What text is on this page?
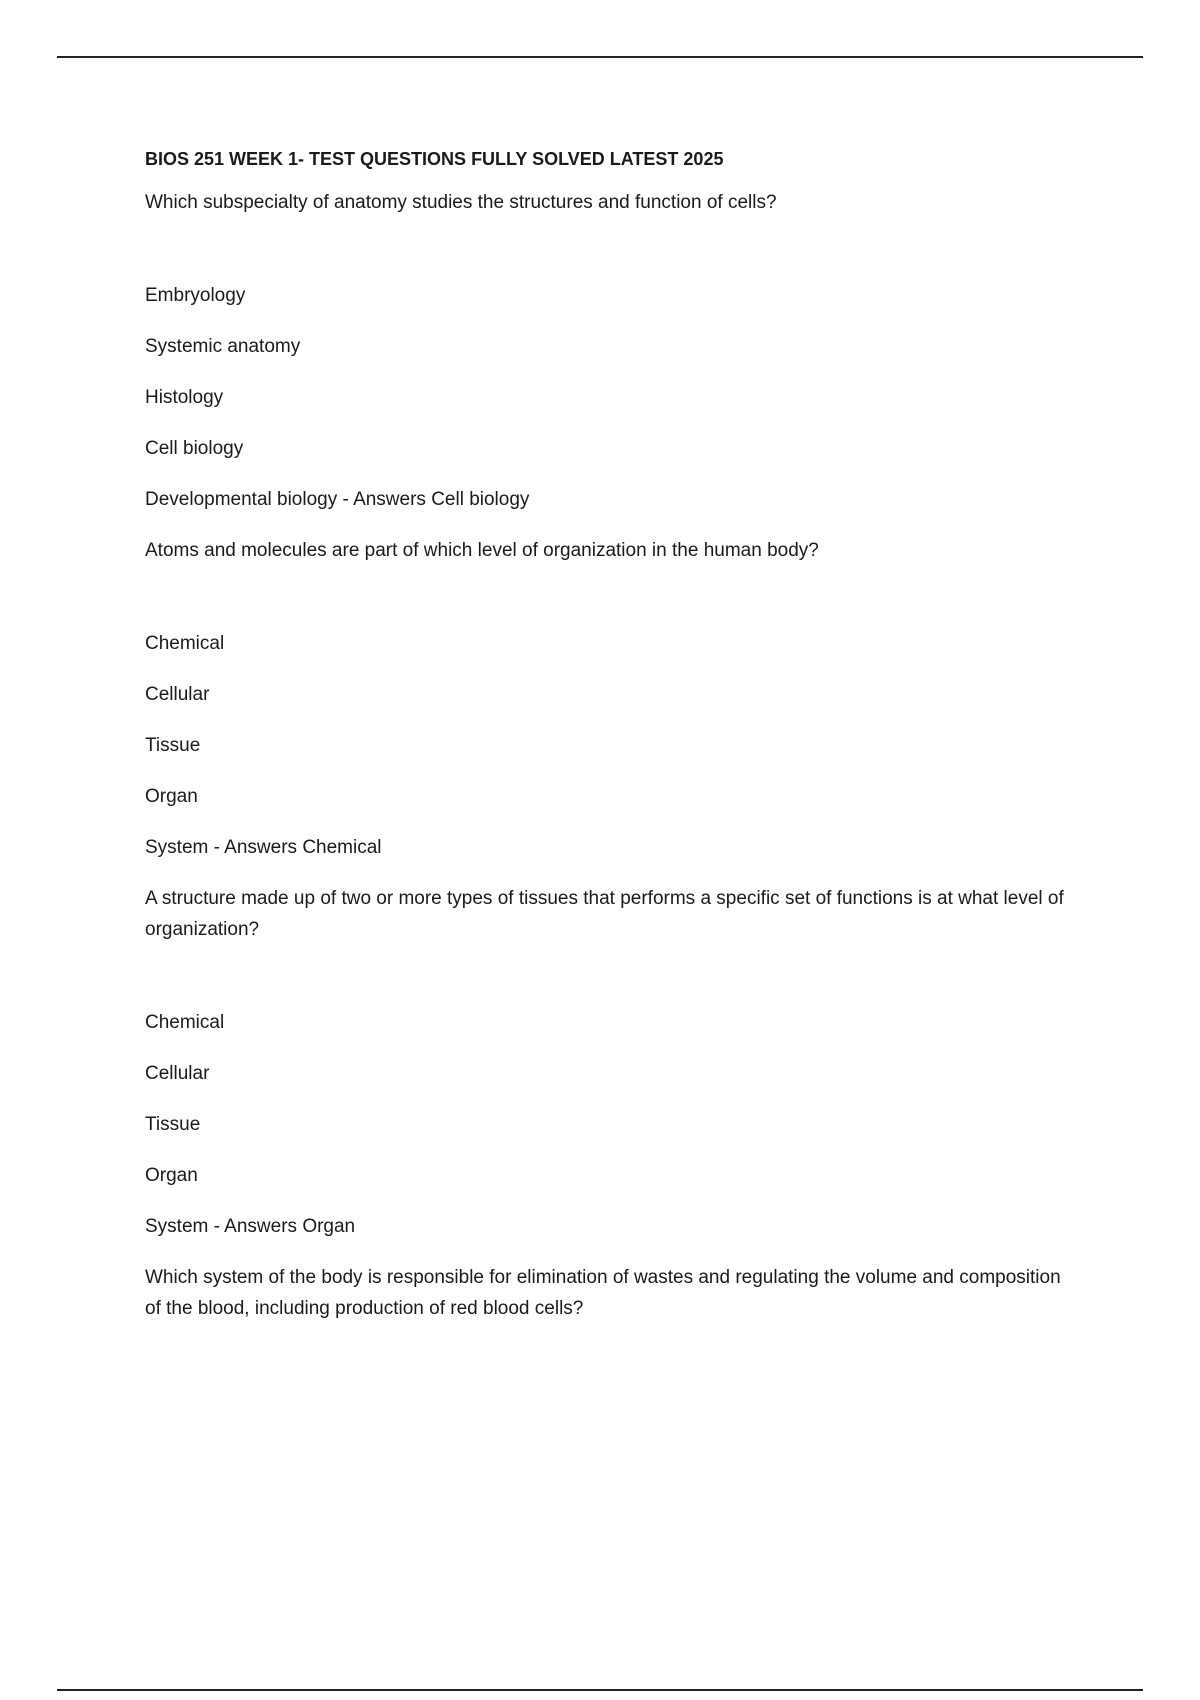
BIOS 251 WEEK 1- TEST QUESTIONS FULLY SOLVED LATEST 2025

Which subspecialty of anatomy studies the structures and function of cells?

Embryology

Systemic anatomy

Histology

Cell biology

Developmental biology - Answers Cell biology

Atoms and molecules are part of which level of organization in the human body?

Chemical

Cellular

Tissue

Organ

System - Answers Chemical

A structure made up of two or more types of tissues that performs a specific set of functions is at what level of organization?

Chemical

Cellular

Tissue

Organ

System - Answers Organ

Which system of the body is responsible for elimination of wastes and regulating the volume and composition of the blood, including production of red blood cells?
